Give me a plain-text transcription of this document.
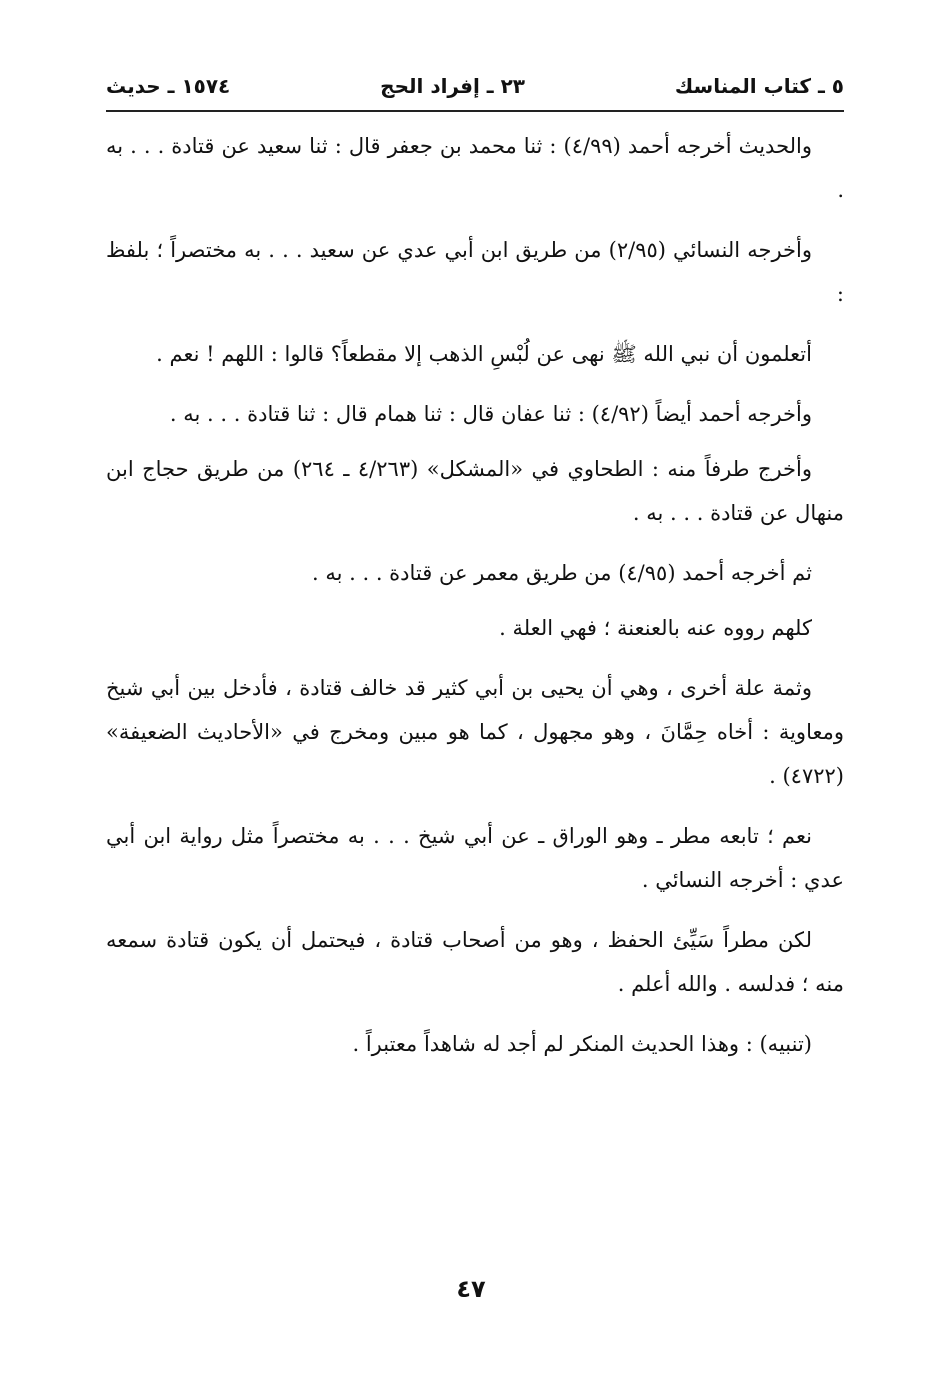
٥ ـ كتاب المناسك
٢٣ ـ إفراد الحج
١٥٧٤ ـ حديث

والحديث أخرجه أحمد (٤/٩٩) : ثنا محمد بن جعفر قال : ثنا سعيد عن قتادة . . . به .

وأخرجه النسائي (٢/٩٥) من طريق ابن أبي عدي عن سعيد . . . به مختصراً ؛ بلفظ :

أتعلمون أن نبي الله ﷺ نهى عن لُبْسِ الذهب إلا مقطعاً؟ قالوا : اللهم ! نعم .

وأخرجه أحمد أيضاً (٤/٩٢) : ثنا عفان قال : ثنا همام قال : ثنا قتادة . . . به .

وأخرج طرفاً منه : الطحاوي في «المشكل» (٤/٢٦٣ ـ ٢٦٤) من طريق حجاج ابن منهال عن قتادة . . . به .

ثم أخرجه أحمد (٤/٩٥) من طريق معمر عن قتادة . . . به .

كلهم رووه عنه بالعنعنة ؛ فهي العلة .

وثمة علة أخرى ، وهي أن يحيى بن أبي كثير قد خالف قتادة ، فأدخل بين أبي شيخ ومعاوية : أخاه حِمَّانَ ، وهو مجهول ، كما هو مبين ومخرج في «الأحاديث الضعيفة» (٤٧٢٢) .

نعم ؛ تابعه مطر ـ وهو الوراق ـ عن أبي شيخ . . . به مختصراً مثل رواية ابن أبي عدي : أخرجه النسائي .

لكن مطراً سَيِّئ الحفظ ، وهو من أصحاب قتادة ، فيحتمل أن يكون قتادة سمعه منه ؛ فدلسه . والله أعلم .

(تنبيه) : وهذا الحديث المنكر لم أجد له شاهداً معتبراً .

٤٧
